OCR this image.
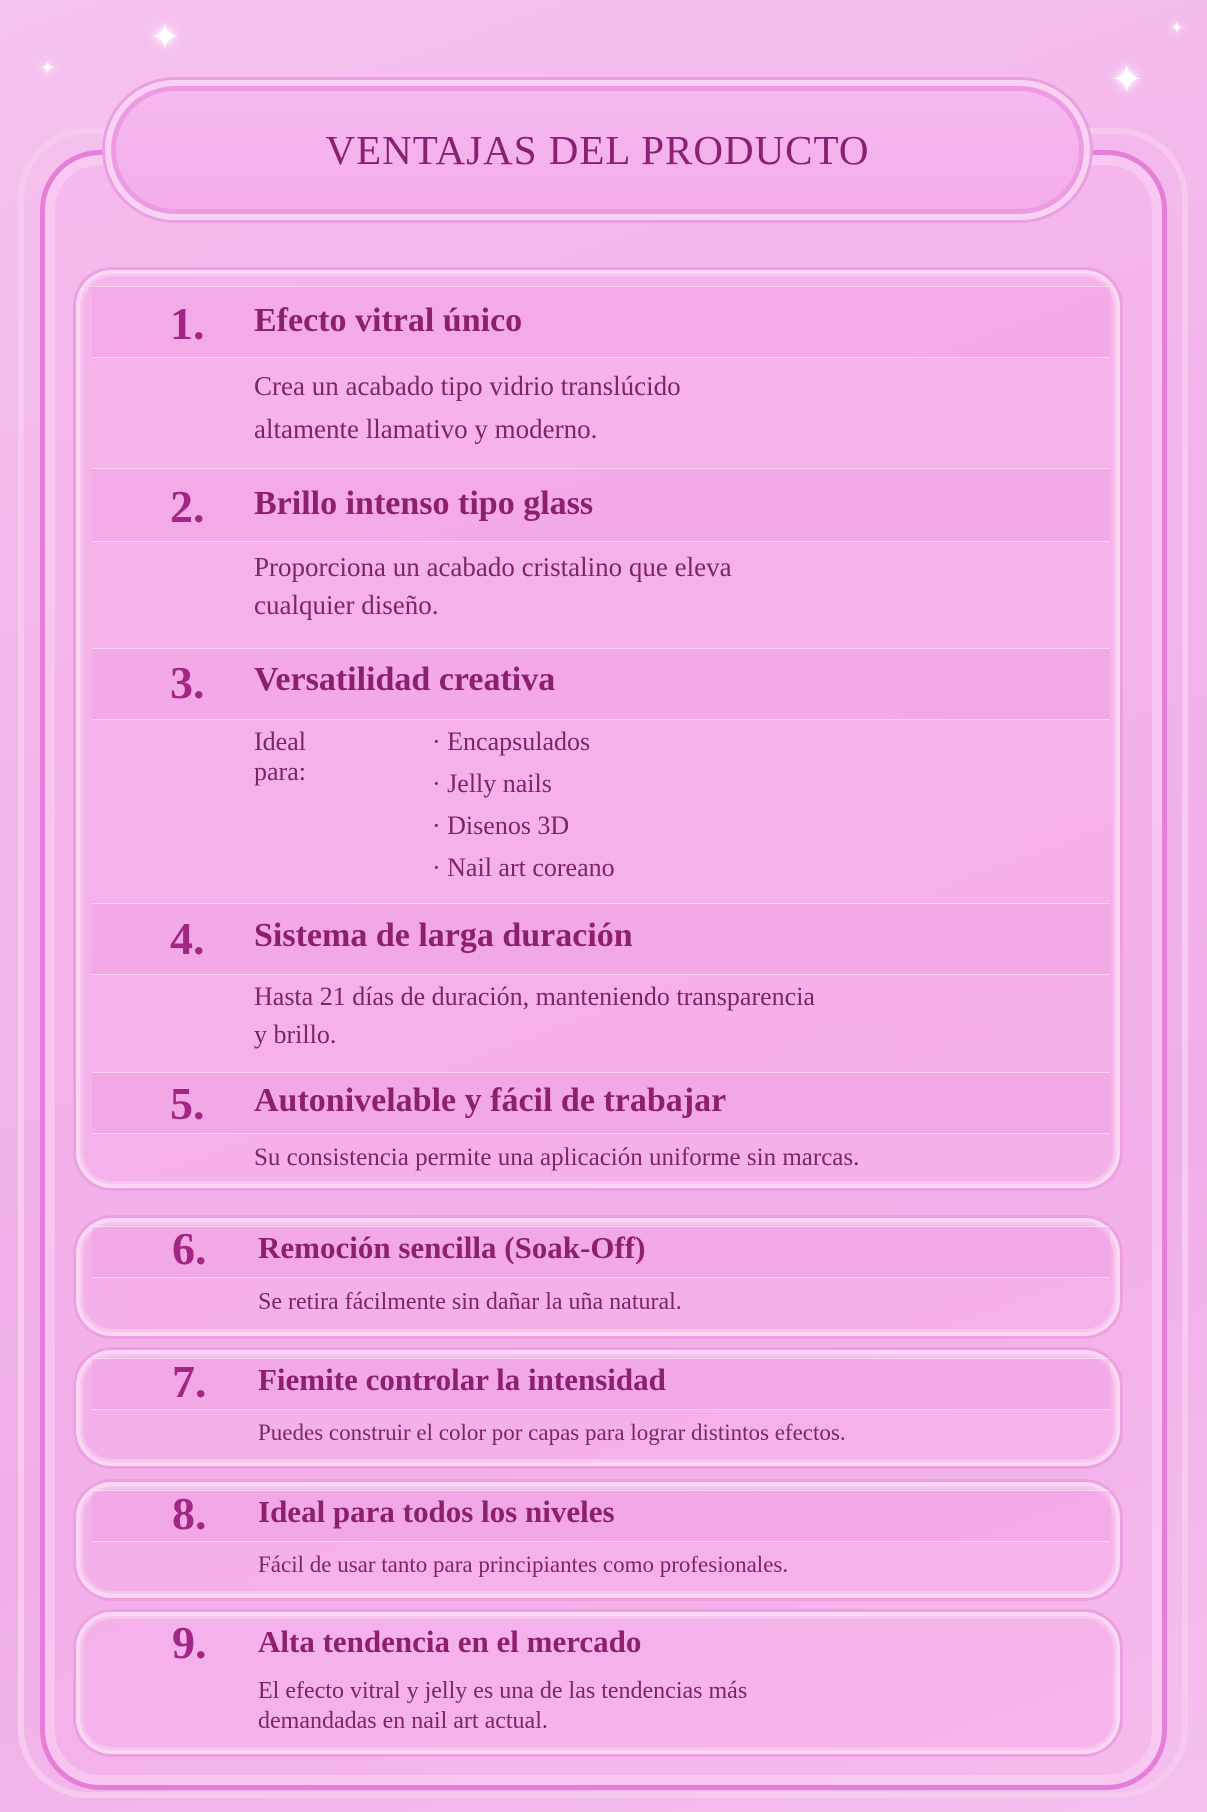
✦
✦	✦
✦
VENTAJAS DEL PRODUCTO
1. Efecto vitral único
Crea un acabado tipo vidrio translúcido
altamente llamativo y moderno.
2. Brillo intenso tipo glass
Proporciona un acabado cristalino que eleva
cualquier diseño.
3. Versatilidad creativa
Ideal para:
· Encapsulados
· Jelly nails
· Disenos 3D
· Nail art coreano
4. Sistema de larga duración
Hasta 21 días de duración, manteniendo transparencia
y brillo.
5. Autonivelable y fácil de trabajar
Su consistencia permite una aplicación uniforme sin marcas.
6. Remoción sencilla (Soak-Off)
Se retira fácilmente sin dañar la uña natural.
7. Fiemite controlar la intensidad
Puedes construir el color por capas para lograr distintos efectos.
8. Ideal para todos los niveles
Fácil de usar tanto para principiantes como profesionales.
9. Alta tendencia en el mercado
El efecto vitral y jelly es una de las tendencias más
demandadas en nail art actual.
